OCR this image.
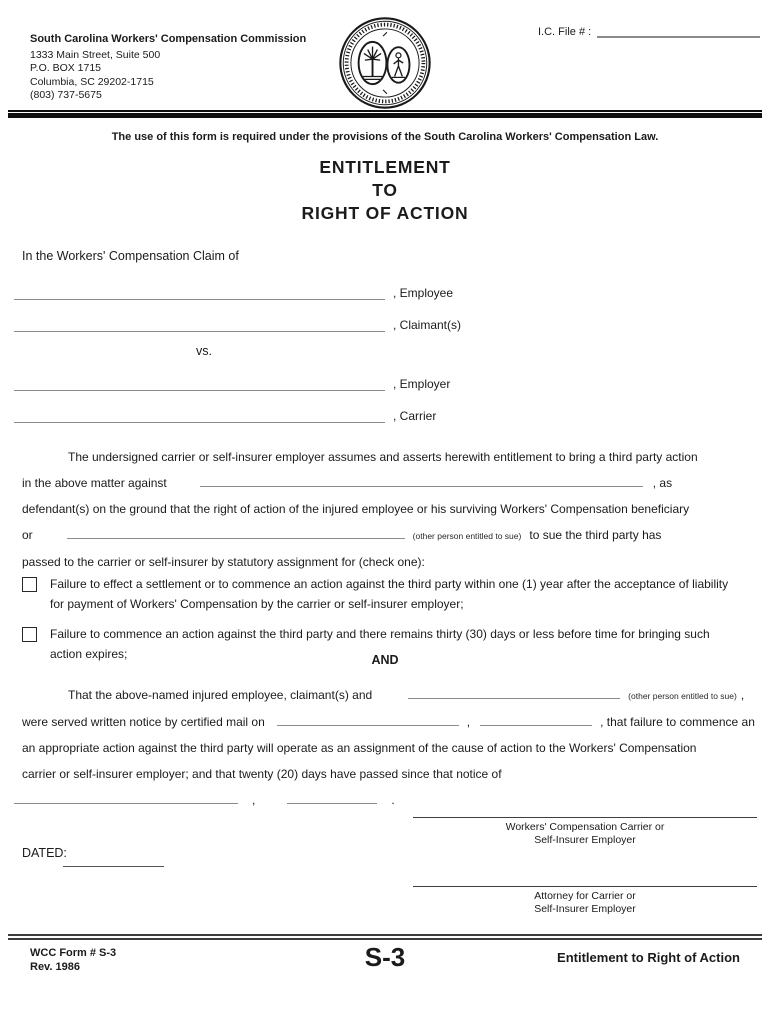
South Carolina Workers' Compensation Commission
1333 Main Street, Suite 500
P.O. BOX 1715
Columbia, SC 29202-1715
(803) 737-5675
I.C. File # :
The use of this form is required under the provisions of the South Carolina Workers' Compensation Law.
ENTITLEMENT
TO
RIGHT OF ACTION
In the Workers' Compensation Claim of
, Employee
, Claimant(s)
vs.
, Employer
, Carrier
The undersigned carrier or self-insurer employer assumes and asserts herewith entitlement to bring a third party action
in the above matter against	, as
defendant(s) on the ground that the right of action of the injured employee or his surviving Workers' Compensation beneficiary
or	(other person entitled to sue) to sue the third party has
passed to the carrier or self-insurer by statutory assignment for (check one):
Failure to effect a settlement or to commence an action against the third party within one (1) year after the acceptance of liability for payment of Workers' Compensation by the carrier or self-insurer employer;
Failure to commence an action against the third party and there remains thirty (30) days or less before time for bringing such action expires;	AND
That the above-named injured employee, claimant(s) and	(other person entitled to sue) ,
were served written notice by certified mail on	,	, that failure to commence an
an appropriate action against the third party will operate as an assignment of the cause of action to the Workers' Compensation
carrier or self-insurer employer; and that twenty (20) days have passed since that notice of
,	.
Workers' Compensation Carrier or
Self-Insurer Employer
DATED:
Attorney for Carrier or
Self-Insurer Employer
WCC Form # S-3
Rev. 1986	S-3	Entitlement to Right of Action
